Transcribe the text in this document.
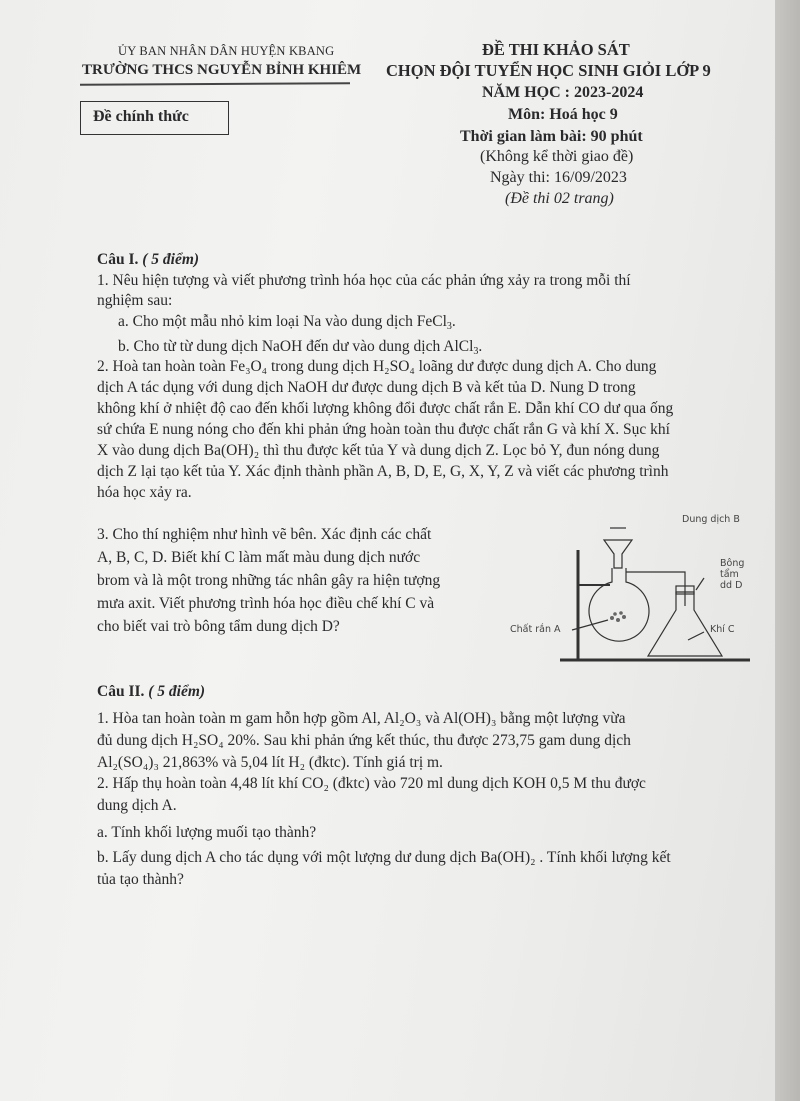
ỦY BAN NHÂN DÂN HUYỆN KBANG
TRƯỜNG THCS NGUYỄN BỈNH KHIÊM
Đề chính thức
ĐỀ THI KHẢO SÁT
CHỌN ĐỘI TUYỂN HỌC SINH GIỎI LỚP 9
NĂM HỌC : 2023-2024
Môn: Hoá học 9
Thời gian làm bài: 90 phút
(Không kể thời giao đề)
Ngày thi: 16/09/2023
(Đề thi 02 trang)
Câu I. ( 5 điểm)
1. Nêu hiện tượng và viết phương trình hóa học của các phản ứng xảy ra trong mỗi thí
nghiệm sau:
a. Cho một mẫu nhỏ kim loại Na vào dung dịch FeCl$_3$.
b. Cho từ từ dung dịch NaOH đến dư vào dung dịch AlCl$_3$.
2. Hoà tan hoàn toàn Fe₃O₄ trong dung dịch H₂SO₄ loãng dư được dung dịch A. Cho dung
dịch A tác dụng với dung dịch NaOH dư được dung dịch B và kết tủa D. Nung D trong
không khí ở nhiệt độ cao đến khối lượng không đổi được chất rắn E. Dẫn khí CO dư qua ống
sứ chứa E nung nóng cho đến khi phản ứng hoàn toàn thu được chất rắn G và khí X. Sục khí
X vào dung dịch Ba(OH)₂ thì thu được kết tủa Y và dung dịch Z. Lọc bỏ Y, đun nóng dung
dịch Z lại tạo kết tủa Y. Xác định thành phần A, B, D, E, G, X, Y, Z và viết các phương trình
hóa học xảy ra.
3. Cho thí nghiệm như hình vẽ bên. Xác định các chất
A, B, C, D. Biết khí C làm mất màu dung dịch nước
brom và là một trong những tác nhân gây ra hiện tượng
mưa axit. Viết phương trình hóa học điều chế khí C và
cho biết vai trò bông tẩm dung dịch D?
Dung dịch B
Bông
tẩm
dd D
Chất rắn A	Khí C
Câu II. ( 5 điểm)
1. Hòa tan hoàn toàn m gam hỗn hợp gồm Al, Al₂O₃ và Al(OH)₃ bằng một lượng vừa
đủ dung dịch H₂SO₄ 20%. Sau khi phản ứng kết thúc, thu được 273,75 gam dung dịch
Al₂(SO₄)₃ 21,863% và 5,04 lít H₂ (đktc). Tính giá trị m.
2. Hấp thụ hoàn toàn 4,48 lít khí CO₂ (đktc) vào 720 ml dung dịch KOH 0,5 M thu được
dung dịch A.
a. Tính khối lượng muối tạo thành?
b. Lấy dung dịch A cho tác dụng với một lượng dư dung dịch Ba(OH)₂ . Tính khối lượng kết
tủa tạo thành?
